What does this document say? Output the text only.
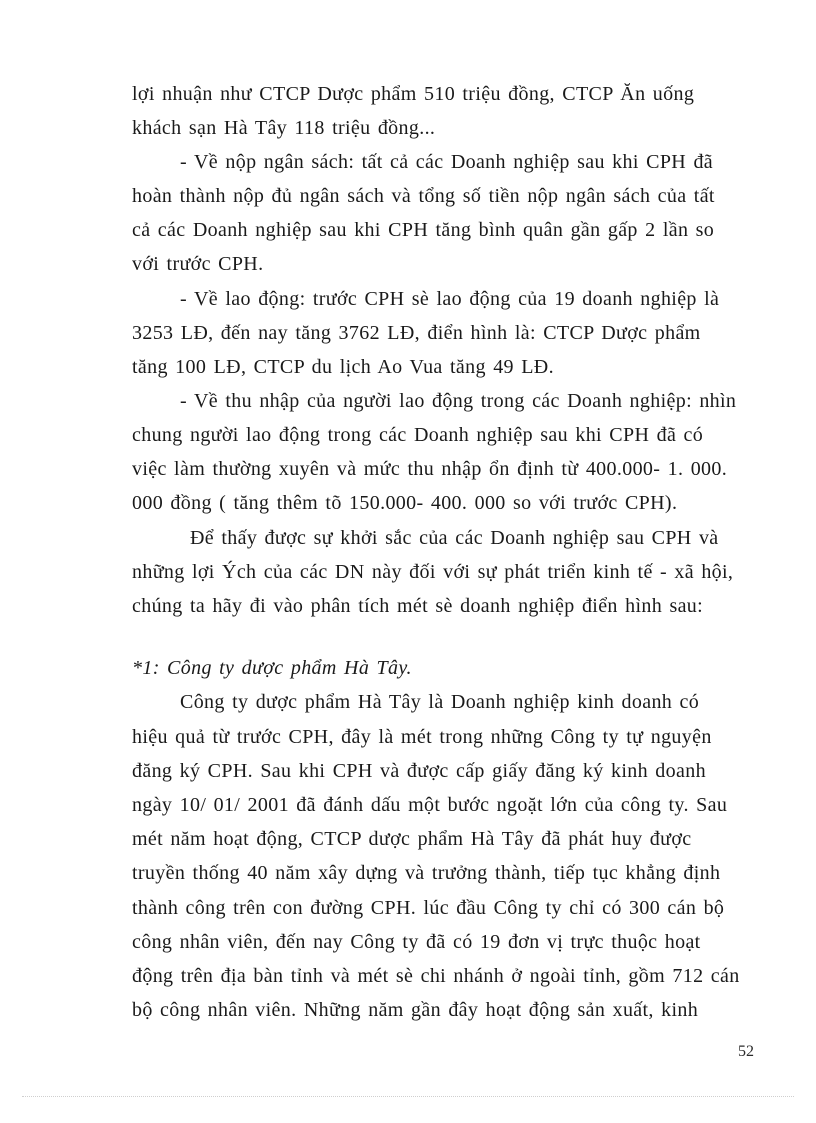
lợi nhuận như CTCP Dược phẩm 510 triệu đồng, CTCP Ăn uống
khách sạn Hà Tây 118 triệu đồng...
- Về nộp ngân sách: tất cả các Doanh nghiệp sau khi CPH đã
hoàn thành nộp đủ ngân sách và tổng số tiền nộp ngân sách của tất
cả các Doanh nghiệp sau khi CPH tăng bình quân gần gấp 2 lần so
với trước CPH.
- Về lao động: trước CPH sè lao động của 19 doanh nghiệp là
3253 LĐ, đến nay tăng 3762 LĐ, điển hình là: CTCP Dược phẩm
tăng 100 LĐ, CTCP du lịch Ao Vua tăng 49 LĐ.
- Về thu nhập của người lao động trong các Doanh nghiệp: nhìn
chung người lao động trong các Doanh nghiệp sau khi CPH đã có
việc làm thường xuyên và mức thu nhập ổn định từ 400.000- 1. 000.
000 đồng ( tăng thêm tõ 150.000- 400. 000 so với trước CPH).
Để thấy được sự khởi sắc của các Doanh nghiệp sau CPH và
những lợi Ých của các DN này đối với sự phát triển kinh tế - xã hội,
chúng ta hãy đi vào phân tích mét sè doanh nghiệp điển hình sau:
*1: Công ty dược phẩm Hà Tây.
Công ty dược phẩm Hà Tây là Doanh nghiệp kinh doanh có
hiệu quả từ trước CPH, đây là mét trong những Công ty tự nguyện
đăng ký CPH. Sau khi CPH và được cấp giấy đăng ký kinh doanh
ngày 10/ 01/ 2001 đã đánh dấu một bước ngoặt lớn của công ty. Sau
mét năm hoạt động, CTCP dược phẩm Hà Tây đã phát huy được
truyền thống 40 năm xây dựng và trưởng thành, tiếp tục khẳng định
thành công trên con đường CPH. lúc đầu Công ty chỉ có 300 cán bộ
công nhân viên, đến nay Công ty đã có 19 đơn vị trực thuộc hoạt
động trên địa bàn tỉnh và mét sè chi nhánh ở ngoài tỉnh, gồm 712 cán
bộ công nhân viên. Những năm gần đây hoạt động sản xuất, kinh
52
